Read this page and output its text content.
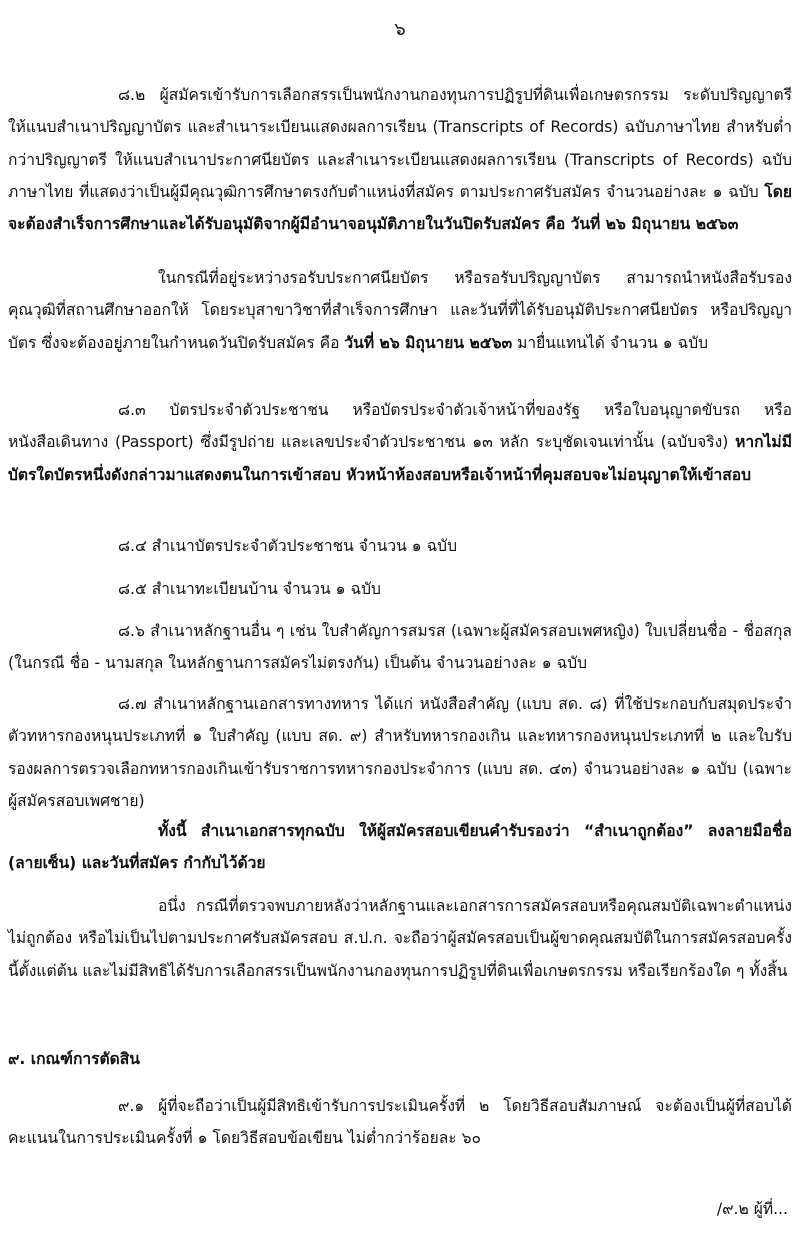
๖

๘.๒ ผู้สมัครเข้ารับการเลือกสรรเป็นพนักงานกองทุนการปฏิรูปที่ดินเพื่อเกษตรกรรม ระดับปริญญาตรี ให้แนบสำเนาปริญญาบัตร และสำเนาระเบียนแสดงผลการเรียน (Transcripts of Records) ฉบับภาษาไทย สำหรับต่ำกว่าปริญญาตรี ให้แนบสำเนาประกาศนียบัตร และสำเนาระเบียนแสดงผลการเรียน (Transcripts of Records) ฉบับภาษาไทย ที่แสดงว่าเป็นผู้มีคุณวุฒิการศึกษาตรงกับตำแหน่งที่สมัคร ตามประกาศรับสมัคร จำนวนอย่างละ ๑ ฉบับ โดยจะต้องสำเร็จการศึกษาและได้รับอนุมัติจากผู้มีอำนาจอนุมัติภายในวันปิดรับสมัคร คือ วันที่ ๒๖ มิถุนายน ๒๕๖๓

ในกรณีที่อยู่ระหว่างรอรับประกาศนียบัตร หรือรอรับปริญญาบัตร สามารถนำหนังสือรับรองคุณวุฒิที่สถานศึกษาออกให้ โดยระบุสาขาวิชาที่สำเร็จการศึกษา และวันที่ที่ได้รับอนุมัติประกาศนียบัตร หรือปริญญาบัตร ซึ่งจะต้องอยู่ภายในกำหนดวันปิดรับสมัคร คือ วันที่ ๒๖ มิถุนายน ๒๕๖๓ มายื่นแทนได้ จำนวน ๑ ฉบับ

๘.๓ บัตรประจำตัวประชาชน หรือบัตรประจำตัวเจ้าหน้าที่ของรัฐ หรือใบอนุญาตขับรถ หรือหนังสือเดินทาง (Passport) ซึ่งมีรูปถ่าย และเลขประจำตัวประชาชน ๑๓ หลัก ระบุชัดเจนเท่านั้น (ฉบับจริง) หากไม่มีบัตรใดบัตรหนึ่งดังกล่าวมาแสดงตนในการเข้าสอบ หัวหน้าห้องสอบหรือเจ้าหน้าที่คุมสอบจะไม่อนุญาตให้เข้าสอบ

๘.๔ สำเนาบัตรประจำตัวประชาชน จำนวน ๑ ฉบับ

๘.๕ สำเนาทะเบียนบ้าน จำนวน ๑ ฉบับ

๘.๖ สำเนาหลักฐานอื่น ๆ เช่น ใบสำคัญการสมรส (เฉพาะผู้สมัครสอบเพศหญิง) ใบเปลี่ยนชื่อ - ชื่อสกุล (ในกรณี ชื่อ - นามสกุล ในหลักฐานการสมัครไม่ตรงกัน) เป็นต้น จำนวนอย่างละ ๑ ฉบับ

๘.๗ สำเนาหลักฐานเอกสารทางทหาร ได้แก่ หนังสือสำคัญ (แบบ สด. ๘) ที่ใช้ประกอบกับสมุดประจำตัวทหารกองหนุนประเภทที่ ๑ ใบสำคัญ (แบบ สด. ๙) สำหรับทหารกองเกิน และทหารกองหนุนประเภทที่ ๒ และใบรับรองผลการตรวจเลือกทหารกองเกินเข้ารับราชการทหารกองประจำการ (แบบ สด. ๔๓) จำนวนอย่างละ ๑ ฉบับ (เฉพาะผู้สมัครสอบเพศชาย)

ทั้งนี้ สำเนาเอกสารทุกฉบับ ให้ผู้สมัครสอบเขียนคำรับรองว่า “สำเนาถูกต้อง” ลงลายมือชื่อ (ลายเซ็น) และวันที่สมัคร กำกับไว้ด้วย

อนึ่ง กรณีที่ตรวจพบภายหลังว่าหลักฐานและเอกสารการสมัครสอบหรือคุณสมบัติเฉพาะตำแหน่งไม่ถูกต้อง หรือไม่เป็นไปตามประกาศรับสมัครสอบ ส.ป.ก. จะถือว่าผู้สมัครสอบเป็นผู้ขาดคุณสมบัติในการสมัครสอบครั้งนี้ตั้งแต่ต้น และไม่มีสิทธิได้รับการเลือกสรรเป็นพนักงานกองทุนการปฏิรูปที่ดินเพื่อเกษตรกรรม หรือเรียกร้องใด ๆ ทั้งสิ้น

๙. เกณฑ์การตัดสิน

๙.๑ ผู้ที่จะถือว่าเป็นผู้มีสิทธิเข้ารับการประเมินครั้งที่ ๒ โดยวิธีสอบสัมภาษณ์ จะต้องเป็นผู้ที่สอบได้คะแนนในการประเมินครั้งที่ ๑ โดยวิธีสอบข้อเขียน ไม่ต่ำกว่าร้อยละ ๖๐

/๙.๒ ผู้ที่...
